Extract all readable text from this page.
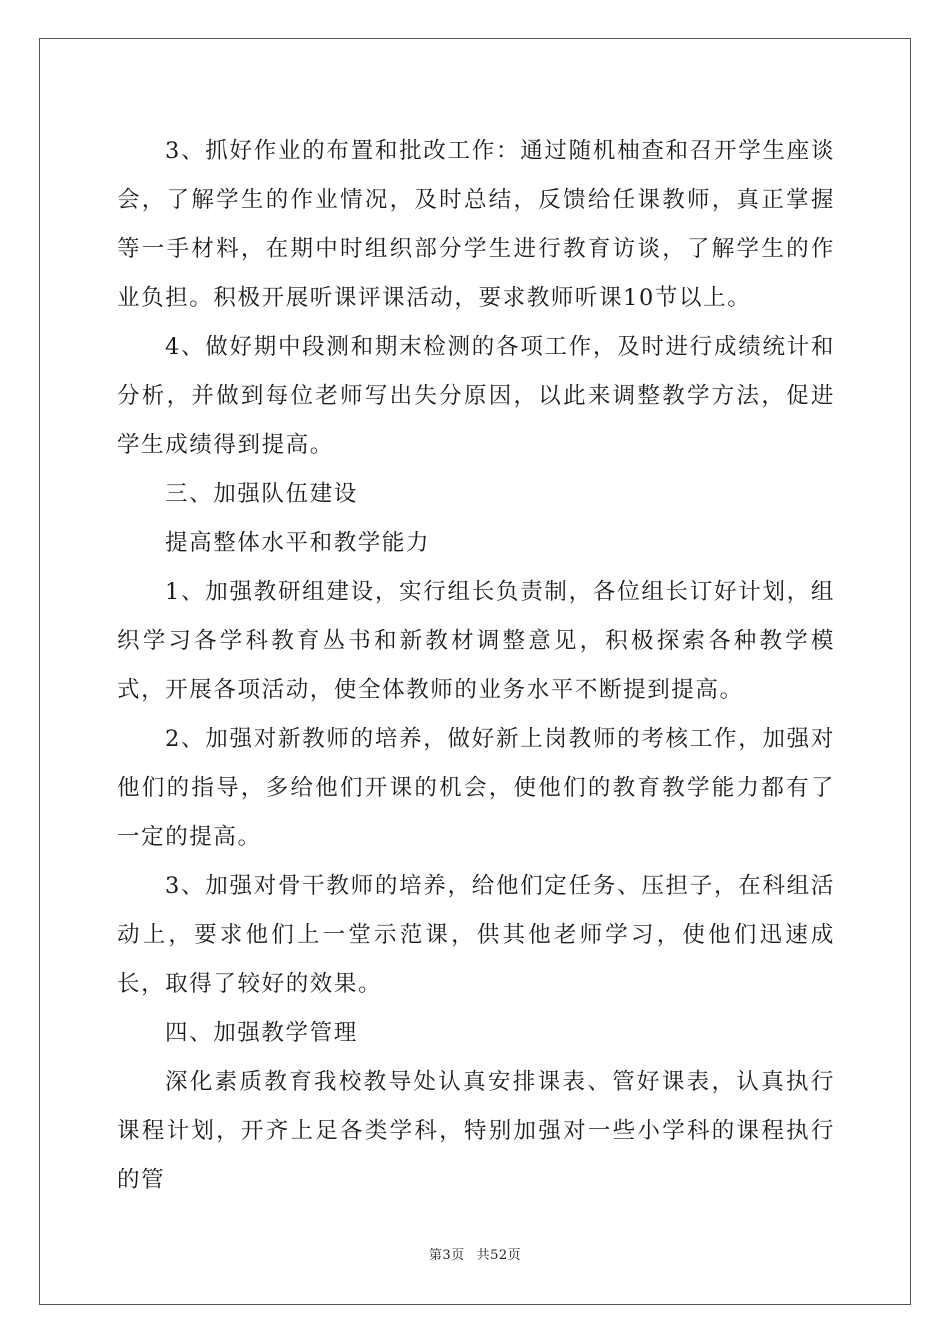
3、抓好作业的布置和批改工作：通过随机柚查和召开学生座谈会，了解学生的作业情况，及时总结，反馈给任课教师，真正掌握等一手材料，在期中时组织部分学生进行教育访谈，了解学生的作业负担。积极开展听课评课活动，要求教师听课10节以上。

4、做好期中段测和期末检测的各项工作，及时进行成绩统计和分析，并做到每位老师写出失分原因，以此来调整教学方法，促进学生成绩得到提高。

三、加强队伍建设

提高整体水平和教学能力

1、加强教研组建设，实行组长负责制，各位组长订好计划，组织学习各学科教育丛书和新教材调整意见，积极探索各种教学模式，开展各项活动，使全体教师的业务水平不断提到提高。

2、加强对新教师的培养，做好新上岗教师的考核工作，加强对他们的指导，多给他们开课的机会，使他们的教育教学能力都有了一定的提高。

3、加强对骨干教师的培养，给他们定任务、压担子，在科组活动上，要求他们上一堂示范课，供其他老师学习，使他们迅速成长，取得了较好的效果。

四、加强教学管理

深化素质教育我校教导处认真安排课表、管好课表，认真执行课程计划，开齐上足各类学科，特别加强对一些小学科的课程执行的管

第3页 共52页
